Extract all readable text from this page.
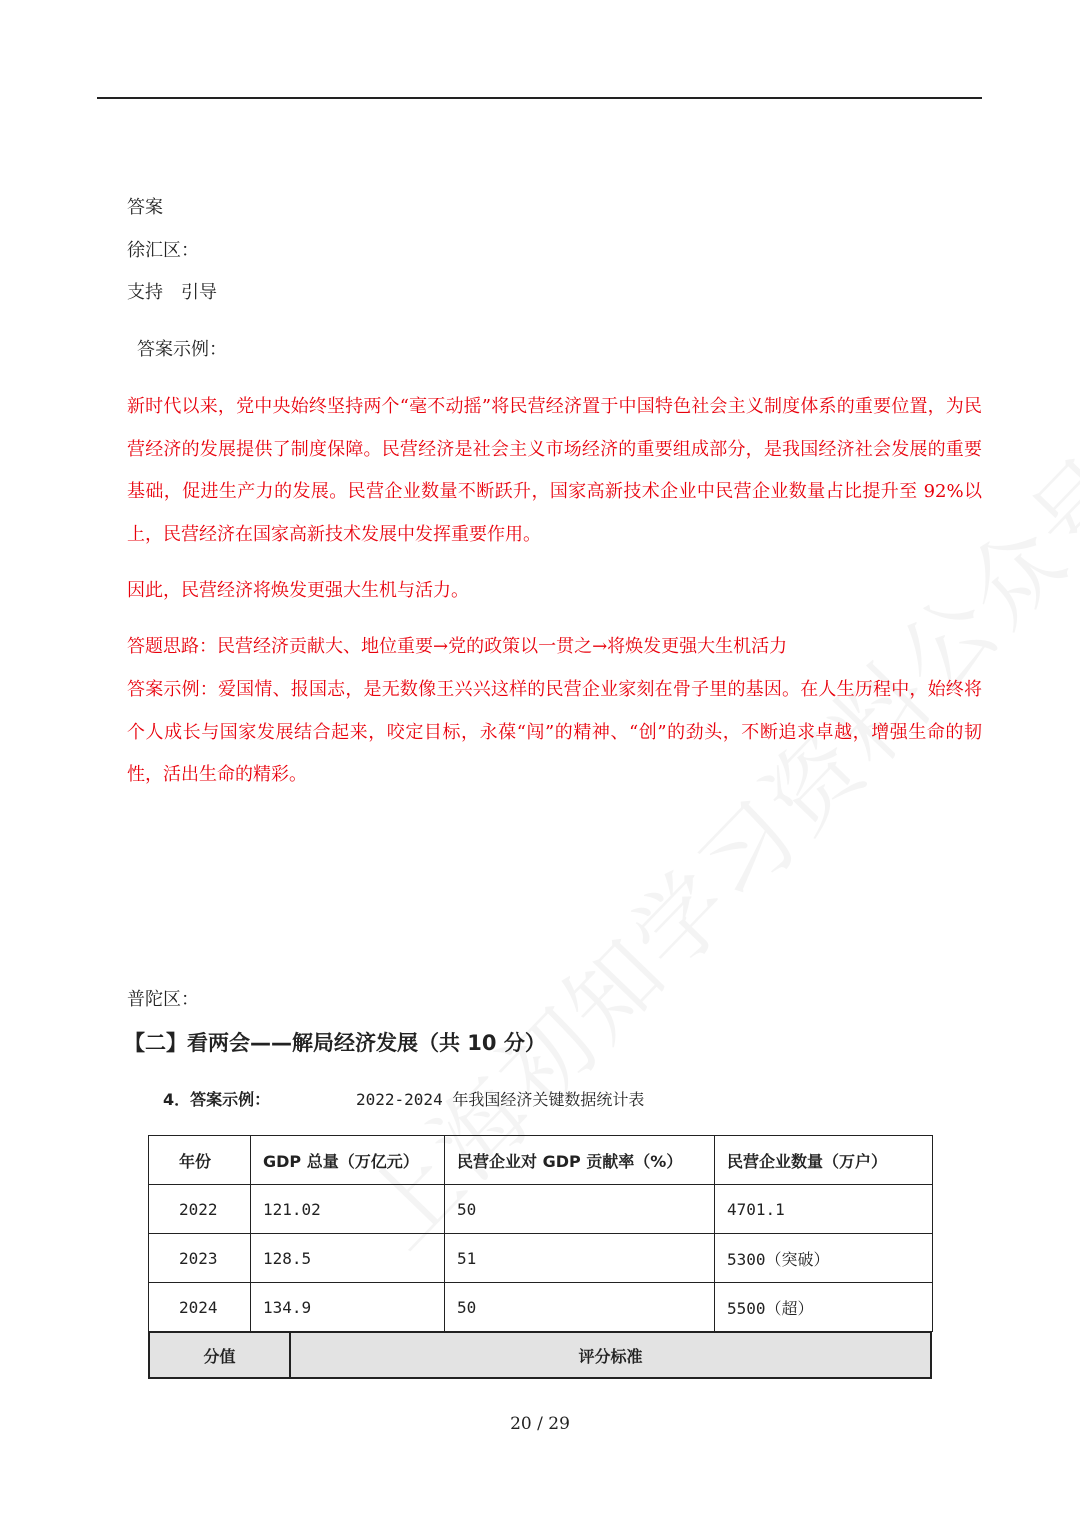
答案
徐汇区：
支持　引导
答案示例：
新时代以来，党中央始终坚持两个“毫不动摇”将民营经济置于中国特色社会主义制度体系的重要位置，为民营经济的发展提供了制度保障。民营经济是社会主义市场经济的重要组成部分，是我国经济社会发展的重要基础，促进生产力的发展。民营企业数量不断跃升，国家高新技术企业中民营企业数量占比提升至 92%以上，民营经济在国家高新技术发展中发挥重要作用。
因此，民营经济将焕发更强大生机与活力。
答题思路：民营经济贡献大、地位重要→党的政策以一贯之→将焕发更强大生机活力
答案示例：爱国情、报国志，是无数像王兴兴这样的民营企业家刻在骨子里的基因。在人生历程中，始终将个人成长与国家发展结合起来，咬定目标，永葆“闯”的精神、“创”的劲头，不断追求卓越，增强生命的韧性，活出生命的精彩。
普陀区：
【二】看两会——解局经济发展（共 10 分）
4．答案示例：	2022-2024 年我国经济关键数据统计表
年份	GDP 总量（万亿元）	民营企业对 GDP 贡献率（%）	民营企业数量（万户）
2022	121.02	50	4701.1
2023	128.5	51	5300（突破）
2024	134.9	50	5500（超）
分值	评分标准
20 / 29
